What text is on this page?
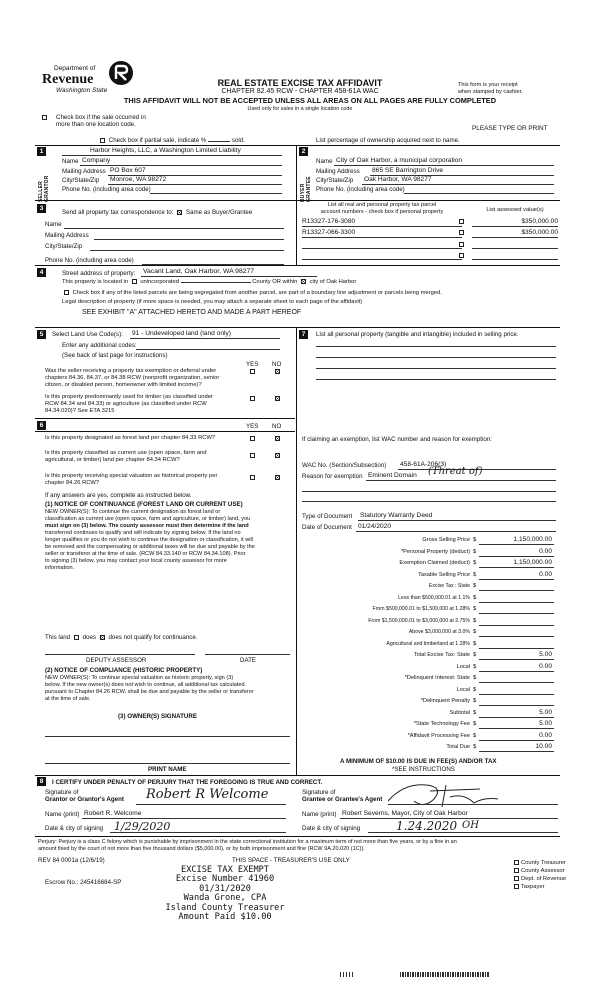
Department of
Revenue
Washington State
REAL ESTATE EXCISE TAX AFFIDAVIT
CHAPTER 82.45 RCW - CHAPTER 458-61A WAC
This form is your receipt
when stamped by cashier.
THIS AFFIDAVIT WILL NOT BE ACCEPTED UNLESS ALL AREAS ON ALL PAGES ARE FULLY COMPLETED
Used only for sales in a single location code
Check box if the sale occurred in
more than one location code.
PLEASE TYPE OR PRINT
Check box if partial sale, indicate %	sold.	List percentage of ownership acquired next to name.
1
SELLER GRANTOR
Harbor Heights, LLC, a Washington Limited Liability
Name Company
Mailing Address PO Box 607
City/State/Zip Monroe, WA 98272
Phone No. (including area code)
2
BUYER GRANTEE
Name City of Oak Harbor, a municipal corporation
Mailing Address 865 SE Barrington Drive
City/State/Zip Oak Harbor, WA 98277
Phone No. (including area code)
3
Send all property tax correspondence to: Same as Buyer/Grantee
Name
Mailing Address
City/State/Zip
Phone No. (including area code)
List all real and personal property tax parcel
account numbers - check box if personal property	List assessed value(s)
R13327-176-3080	$350,000.00
R13327-066-3300	$350,000.00
4	Street address of property: Vacant Land, Oak Harbor, WA 98277
This property is located in unincorporated	County OR within city of Oak Harbor
Check box if any of the listed parcels are being segregated from another parcel, are part of a boundary line adjustment or parcels being merged.
Legal description of property (if more space is needed, you may attach a separate sheet to each page of the affidavit)
SEE EXHIBIT "A" ATTACHED HERETO AND MADE A PART HEREOF
5	Select Land Use Code(s): 91 - Undeveloped land (land only)
Enter any additional codes:
(See back of last page for instructions)
YES NO
Was the seller receiving a property tax exemption or deferral under
chapters 84.36, 84.37, or 84.38 RCW (nonprofit organization, senior
citizen, or disabled person, homeowner with limited income)?
Is this property predominantly used for timber (as classified under
RCW 84.34 and 84.33) or agriculture (as classified under RCW
84.34.020)? See ETA 3215
6	YES NO
Is this property designated as forest land per chapter 84.33 RCW?
Is this property classified as current use (open space, farm and
agricultural, or timber) land per chapter 84.34 RCW?
Is this property receiving special valuation as historical property per
chapter 84.26 RCW?
If any answers are yes, complete as instructed below.
(1) NOTICE OF CONTINUANCE (FOREST LAND OR CURRENT USE)
NEW OWNER(S): To continue the current designation as forest land or
classification as current use (open space, farm and agriculture, or timber) land, you
must sign on (3) below. The county assessor must then determine if the land
transferred continues to qualify and will indicate by signing below. If the land no
longer qualifies or you do not wish to continue the designation or classification, it will
be removed and the compensating or additional taxes will be due and payable by the
seller or transferor at the time of sale. (RCW 84.33.140 or RCW 84.34.108). Prior
to signing (3) below, you may contact your local county assessor for more
information.
This land does does not qualify for continuance.
DEPUTY ASSESSOR	DATE
(2) NOTICE OF COMPLIANCE (HISTORIC PROPERTY)
NEW OWNER(S): To continue special valuation as historic property, sign (3)
below. If the new owner(s) does not wish to continue, all additional tax calculated
pursuant to Chapter 84.26 RCW, shall be due and payable by the seller or transferor
at the time of sale.
(3) OWNER(S) SIGNATURE
PRINT NAME
7	List all personal property (tangible and intangible) included in selling price.
If claiming an exemption, list WAC number and reason for exemption:
WAC No. (Section/Subsection) 458-61A-206(3)
Reason for exemption Eminent Domain (Threat of)
Type of Document Statutory Warranty Deed
Date of Document 01/24/2020
Gross Selling Price $	1,150,000.00
*Personal Property (deduct) $	0.00
Exemption Claimed (deduct) $	1,150,000.00
Taxable Selling Price $	0.00
Excise Tax : State $
Less than $500,000.01 at 1.1% $
From $500,000.01 to $1,500,000 at 1.28% $
From $1,500,000.01 to $3,000,000 at 2.75% $
Above $3,000,000 at 3.0% $
Agricultural and timberland at 1.28% $
Total Excise Tax: State $	5.00
Local $	0.00
*Delinquent Interest: State $
Local $
*Delinquent Penalty $
Subtotal $	5.00
*State Technology Fee $	5.00
*Affidavit Processing Fee $	0.00
Total Due $	10.00
A MINIMUM OF $10.00 IS DUE IN FEE(S) AND/OR TAX
*SEE INSTRUCTIONS
8	I CERTIFY UNDER PENALTY OF PERJURY THAT THE FOREGOING IS TRUE AND CORRECT.
Signature of
Grantor or Grantor's Agent Robert R Welcome
Name (print) Robert R. Welcome
Date & city of signing 1/29/2020
Signature of
Grantee or Grantee's Agent
Name (print) Robert Severns, Mayor, City of Oak Harbor
Date & city of signing	1.24.2020 OH
Perjury: Perjury is a class C felony which is punishable by imprisonment in the state correctional institution for a maximum term of not more than five years, or by a fine in an
amount fixed by the court of not more than five thousand dollars ($5,000.00), or by both imprisonment and fine (RCW 9A.20.020 (1C)).
REV 84 0001a (12/6/19)	THIS SPACE - TREASURER'S USE ONLY
Escrow No.: 245416684-SP
County Treasurer
County Assessor
Dept. of Revenue
Taxpayer
EXCISE TAX EXEMPT
Excise Number 41960
01/31/2020
Wanda Grone, CPA
Island County Treasurer
Amount Paid $10.00
